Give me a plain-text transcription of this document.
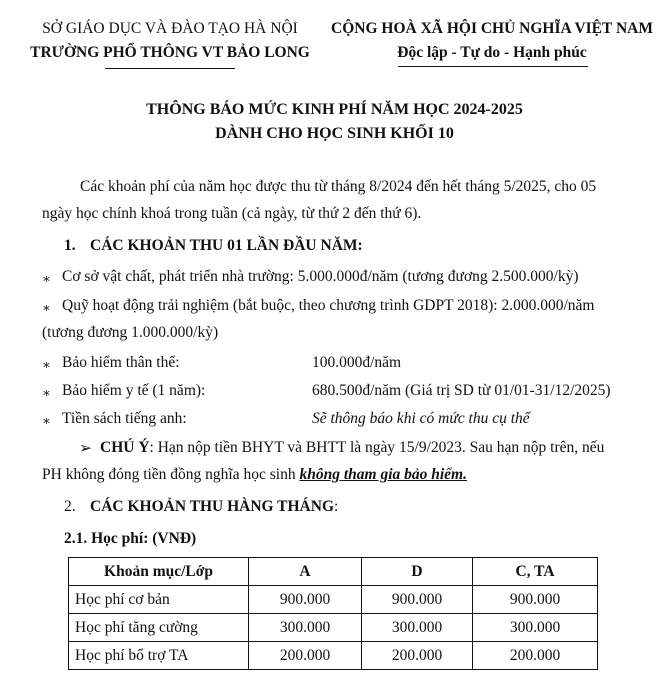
SỞ GIÁO DỤC VÀ ĐÀO TẠO HÀ NỘI
TRƯỜNG PHỔ THÔNG VT BẢO LONG
CỘNG HOÀ XÃ HỘI CHỦ NGHĨA VIỆT NAM
Độc lập - Tự do - Hạnh phúc
THÔNG BÁO MỨC KINH PHÍ NĂM HỌC 2024-2025
DÀNH CHO HỌC SINH KHỐI 10
Các khoản phí của năm học được thu từ tháng 8/2024 đến hết tháng 5/2025, cho 05
ngày học chính khoá trong tuần (cả ngày, từ thứ 2 đến thứ 6).
1. CÁC KHOẢN THU 01 LẦN ĐẦU NĂM:
∗ Cơ sở vật chất, phát triển nhà trường: 5.000.000đ/năm (tương đương 2.500.000/kỳ)
∗ Quỹ hoạt động trải nghiệm (bắt buộc, theo chương trình GDPT 2018): 2.000.000/năm
(tương đương 1.000.000/kỳ)
∗ Bảo hiểm thân thể:	100.000đ/năm
∗ Bảo hiểm y tế (1 năm):	680.500đ/năm (Giá trị SD từ 01/01-31/12/2025)
∗ Tiền sách tiếng anh:	Sẽ thông báo khi có mức thu cụ thể
➢ CHÚ Ý: Hạn nộp tiền BHYT và BHTT là ngày 15/9/2023. Sau hạn nộp trên, nếu
PH không đóng tiền đồng nghĩa học sinh không tham gia bảo hiểm.
2. CÁC KHOẢN THU HÀNG THÁNG:
2.1. Học phí: (VNĐ)
Khoản mục/Lớp	A	D	C, TA
Học phí cơ bản	900.000	900.000	900.000
Học phí tăng cường	300.000	300.000	300.000
Học phí bổ trợ TA	200.000	200.000	200.000
